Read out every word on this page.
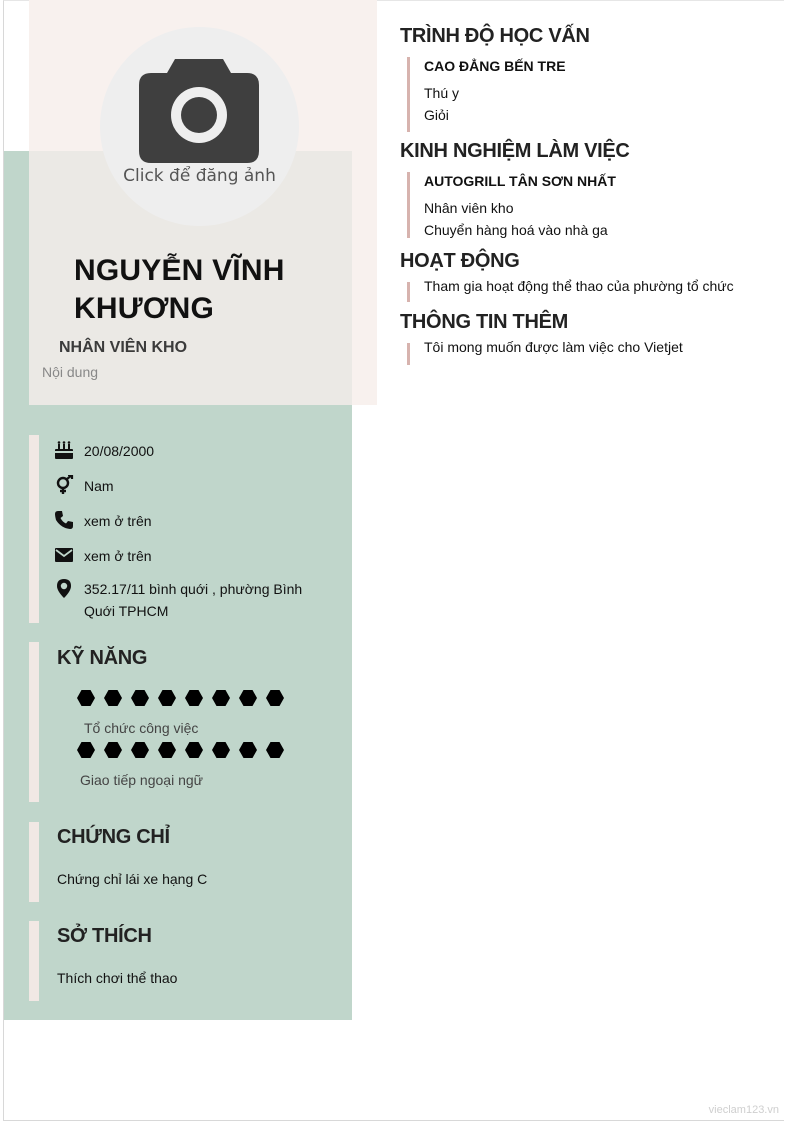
Click để đăng ảnh
NGUYỄN VĨNH
KHƯƠNG
NHÂN VIÊN KHO
Nội dung
20/08/2000
Nam
xem ở trên
xem ở trên
352.17/11 bình quới , phường Bình Quới TPHCM
KỸ NĂNG
Tổ chức công việc
Giao tiếp ngoại ngữ
CHỨNG CHỈ
Chứng chỉ lái xe hạng C
SỞ THÍCH
Thích chơi thể thao
TRÌNH ĐỘ HỌC VẤN
CAO ĐẲNG BẾN TRE
Thú y
Giỏi
KINH NGHIỆM LÀM VIỆC
AUTOGRILL TÂN SƠN NHẤT
Nhân viên kho
Chuyển hàng hoá vào nhà ga
HOẠT ĐỘNG
Tham gia hoạt động thể thao của phường tổ chức
THÔNG TIN THÊM
Tôi mong muốn được làm việc cho Vietjet
vieclam123.vn
